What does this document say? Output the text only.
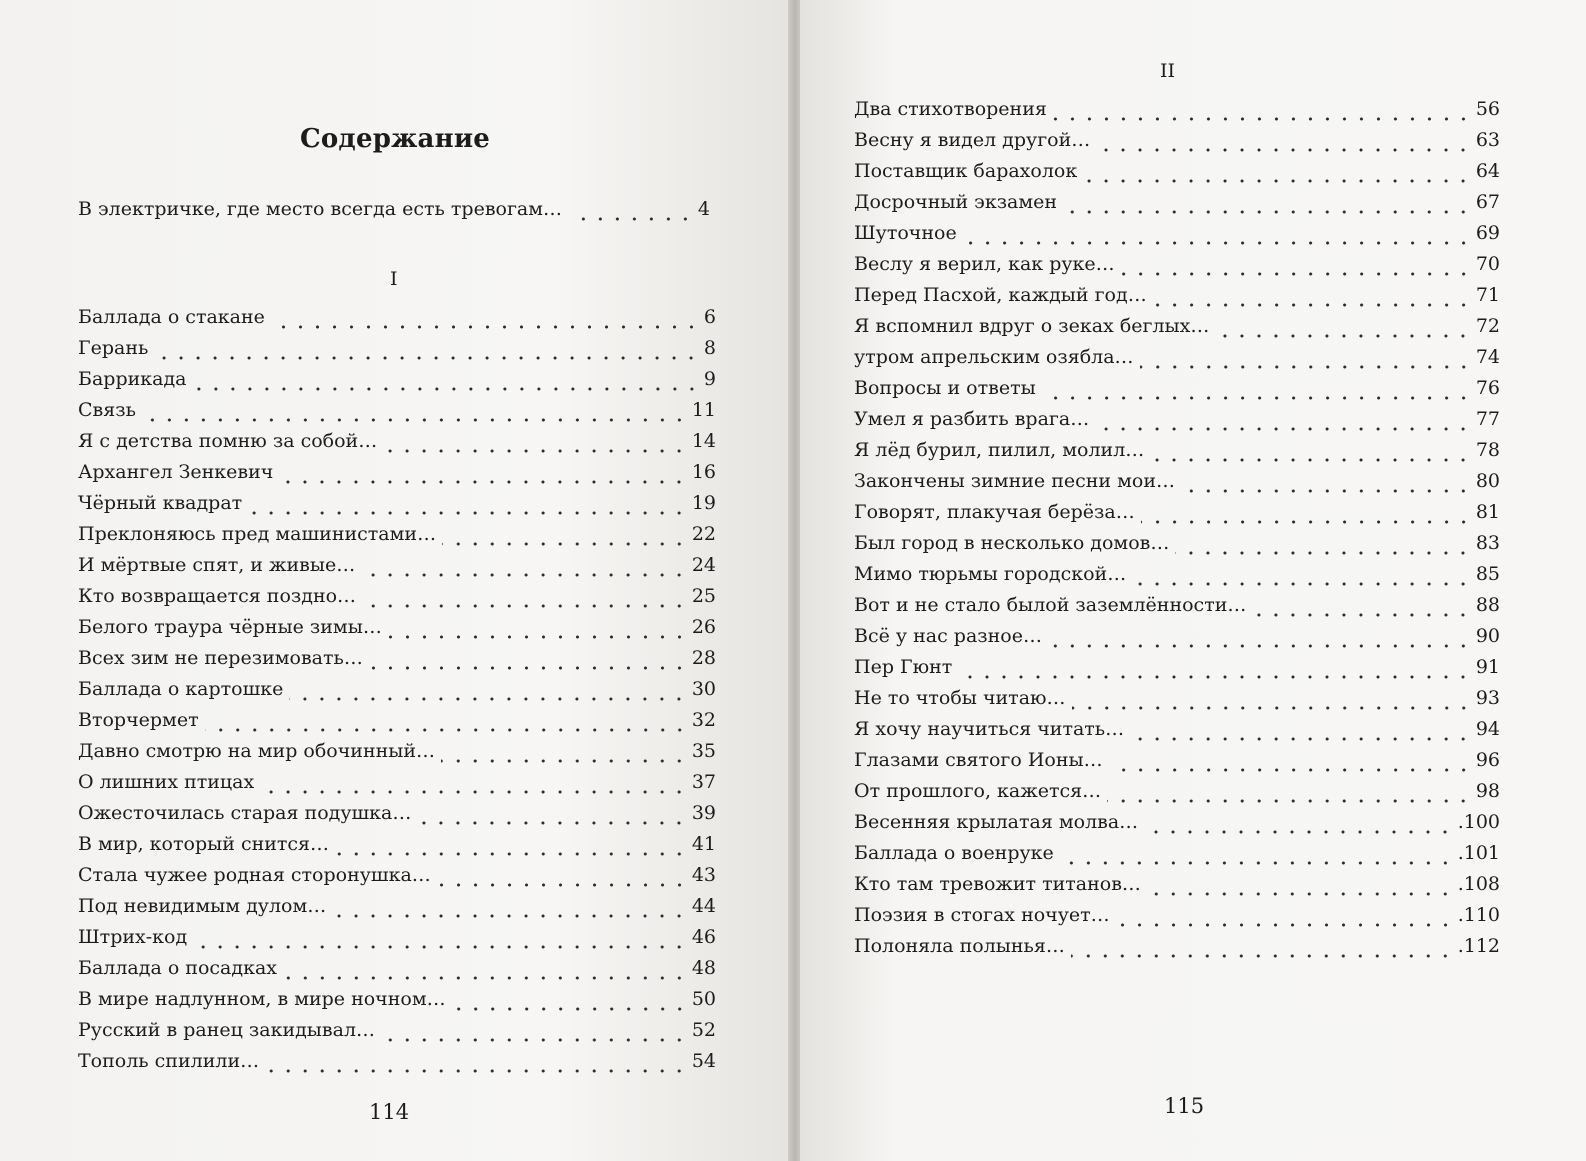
Содержание
В электричке, где место всегда есть тревогам…	4
I
Баллада о стакане	6
Герань	8
Баррикада	9
Связь	11
Я с детства помню за собой…	14
Архангел Зенкевич	16
Чёрный квадрат	19
Преклоняюсь пред машинистами…	22
И мёртвые спят, и живые…	24
Кто возвращается поздно…	25
Белого траура чёрные зимы…	26
Всех зим не перезимовать…	28
Баллада о картошке	30
Вторчермет	32
Давно смотрю на мир обочинный…	35
О лишних птицах	37
Ожесточилась старая подушка…	39
В мир, который снится…	41
Стала чужее родная сторонушка…	43
Под невидимым дулом…	44
Штрих-код	46
Баллада о посадках	48
В мире надлунном, в мире ночном…	50
Русский в ранец закидывал…	52
Тополь спилили…	54
114
II
Два стихотворения	56
Весну я видел другой…	63
Поставщик барахолок	64
Досрочный экзамен	67
Шуточное	69
Веслу я верил, как руке…	70
Перед Пасхой, каждый год…	71
Я вспомнил вдруг о зеках беглых…	72
утром апрельским озябла…	74
Вопросы и ответы	76
Умел я разбить врага…	77
Я лёд бурил, пилил, молил…	78
Закончены зимние песни мои…	80
Говорят, плакучая берёза…	81
Был город в несколько домов…	83
Мимо тюрьмы городской…	85
Вот и не стало былой заземлённости…	88
Всё у нас разное…	90
Пер Гюнт	91
Не то чтобы читаю…	93
Я хочу научиться читать…	94
Глазами святого Ионы…	96
От прошлого, кажется…	98
Весенняя крылатая молва…	.100
Баллада о военруке	.101
Кто там тревожит титанов…	.108
Поэзия в стогах ночует…	.110
Полоняла полынья…	.112
115
